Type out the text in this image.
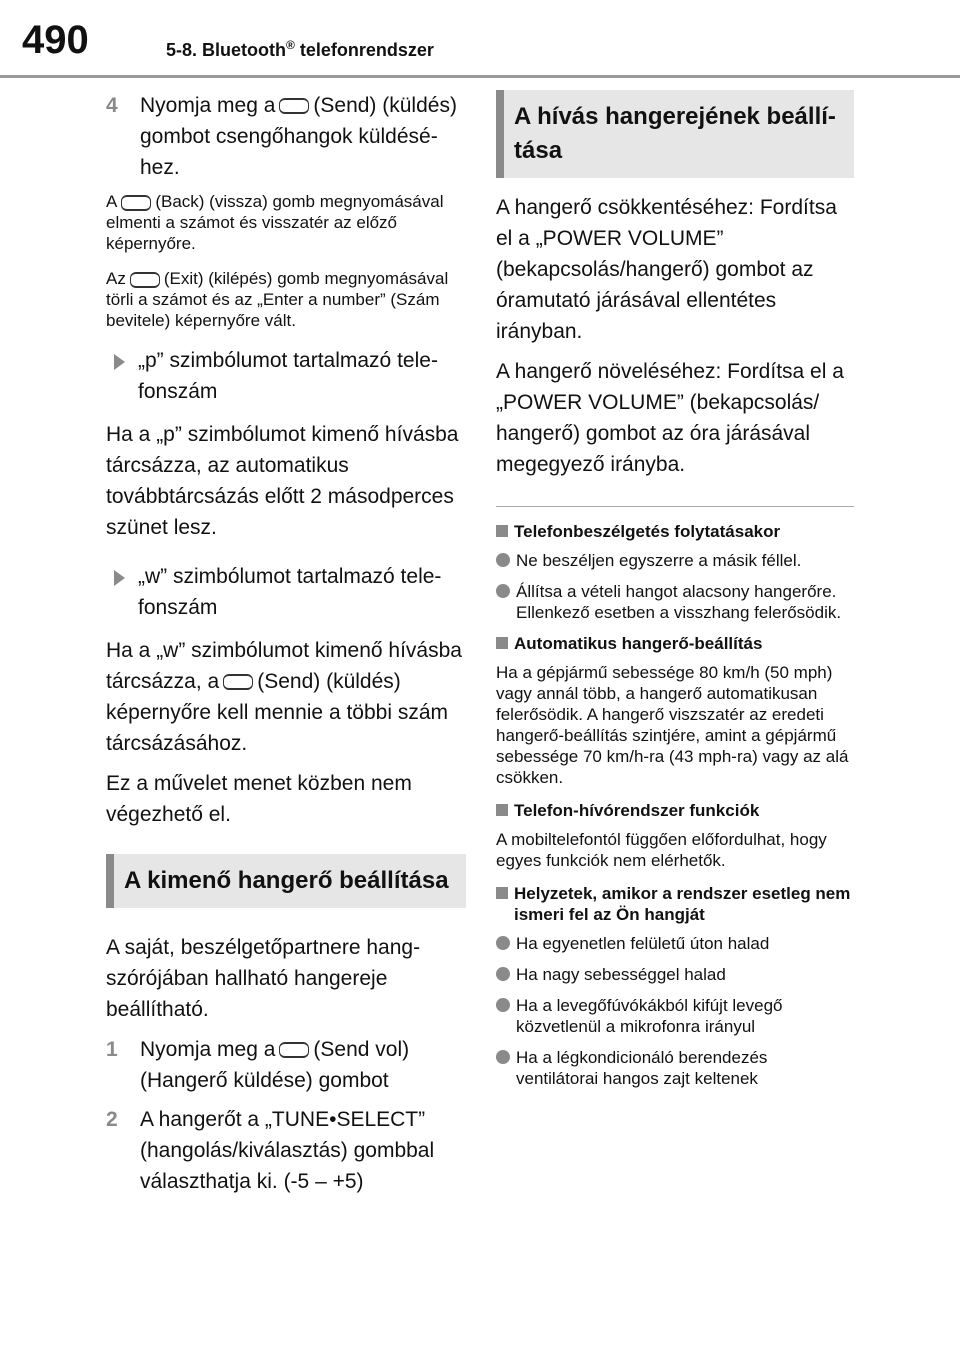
490	5-8. Bluetooth® telefonrendszer
4	Nyomja meg a (Send) (küldés) gombot csengőhangok küldéséhez.

A (Back) (vissza) gomb megnyomásával elmenti a számot és visszatér az előző képernyőre.

Az (Exit) (kilépés) gomb megnyomásával törli a számot és az „Enter a number” (Szám bevitele) képernyőre vált.

„p” szimbólumot tartalmazó telefonszám

Ha a „p” szimbólumot kimenő hívásba tárcsázza, az automatikus továbbtárcsázás előtt 2 másodperces szünet lesz.

„w” szimbólumot tartalmazó telefonszám

Ha a „w” szimbólumot kimenő hívásba tárcsázza, a (Send) (küldés) képernyőre kell mennie a többi szám tárcsázásához.

Ez a művelet menet közben nem végezhető el.

A kimenő hangerő beállítása

A saját, beszélgetőpartnere hangszórójában hallható hangereje beállítható.

1	Nyomja meg a (Send vol) (Hangerő küldése) gombot
2	A hangerőt a „TUNE•SELECT” (hangolás/kiválasztás) gombbal választhatja ki. (-5 – +5)
A hívás hangerejének beállítása

A hangerő csökkentéséhez: Fordítsa el a „POWER VOLUME” (bekapcsolás/hangerő) gombot az óramutató járásával ellentétes irányban.

A hangerő növeléséhez: Fordítsa el a „POWER VOLUME” (bekapcsolás/ hangerő) gombot az óra járásával megegyező irányba.

Telefonbeszélgetés folytatásakor
Ne beszéljen egyszerre a másik féllel.
Állítsa a vételi hangot alacsony hangerőre. Ellenkező esetben a visszhang felerősödik.
Automatikus hangerő-beállítás

Ha a gépjármű sebessége 80 km/h (50 mph) vagy annál több, a hangerő automatikusan felerősödik. A hangerő viszszatér az eredeti hangerő-beállítás szintjére, amint a gépjármű sebessége 70 km/h-ra (43 mph-ra) vagy az alá csökken.

Telefon-hívórendszer funkciók

A mobiltelefontól függően előfordulhat, hogy egyes funkciók nem elérhetők.

Helyzetek, amikor a rendszer esetleg nem ismeri fel az Ön hangját
Ha egyenetlen felületű úton halad
Ha nagy sebességgel halad
Ha a levegőfúvókákból kifújt levegő közvetlenül a mikrofonra irányul
Ha a légkondicionáló berendezés ventilátorai hangos zajt keltenek
